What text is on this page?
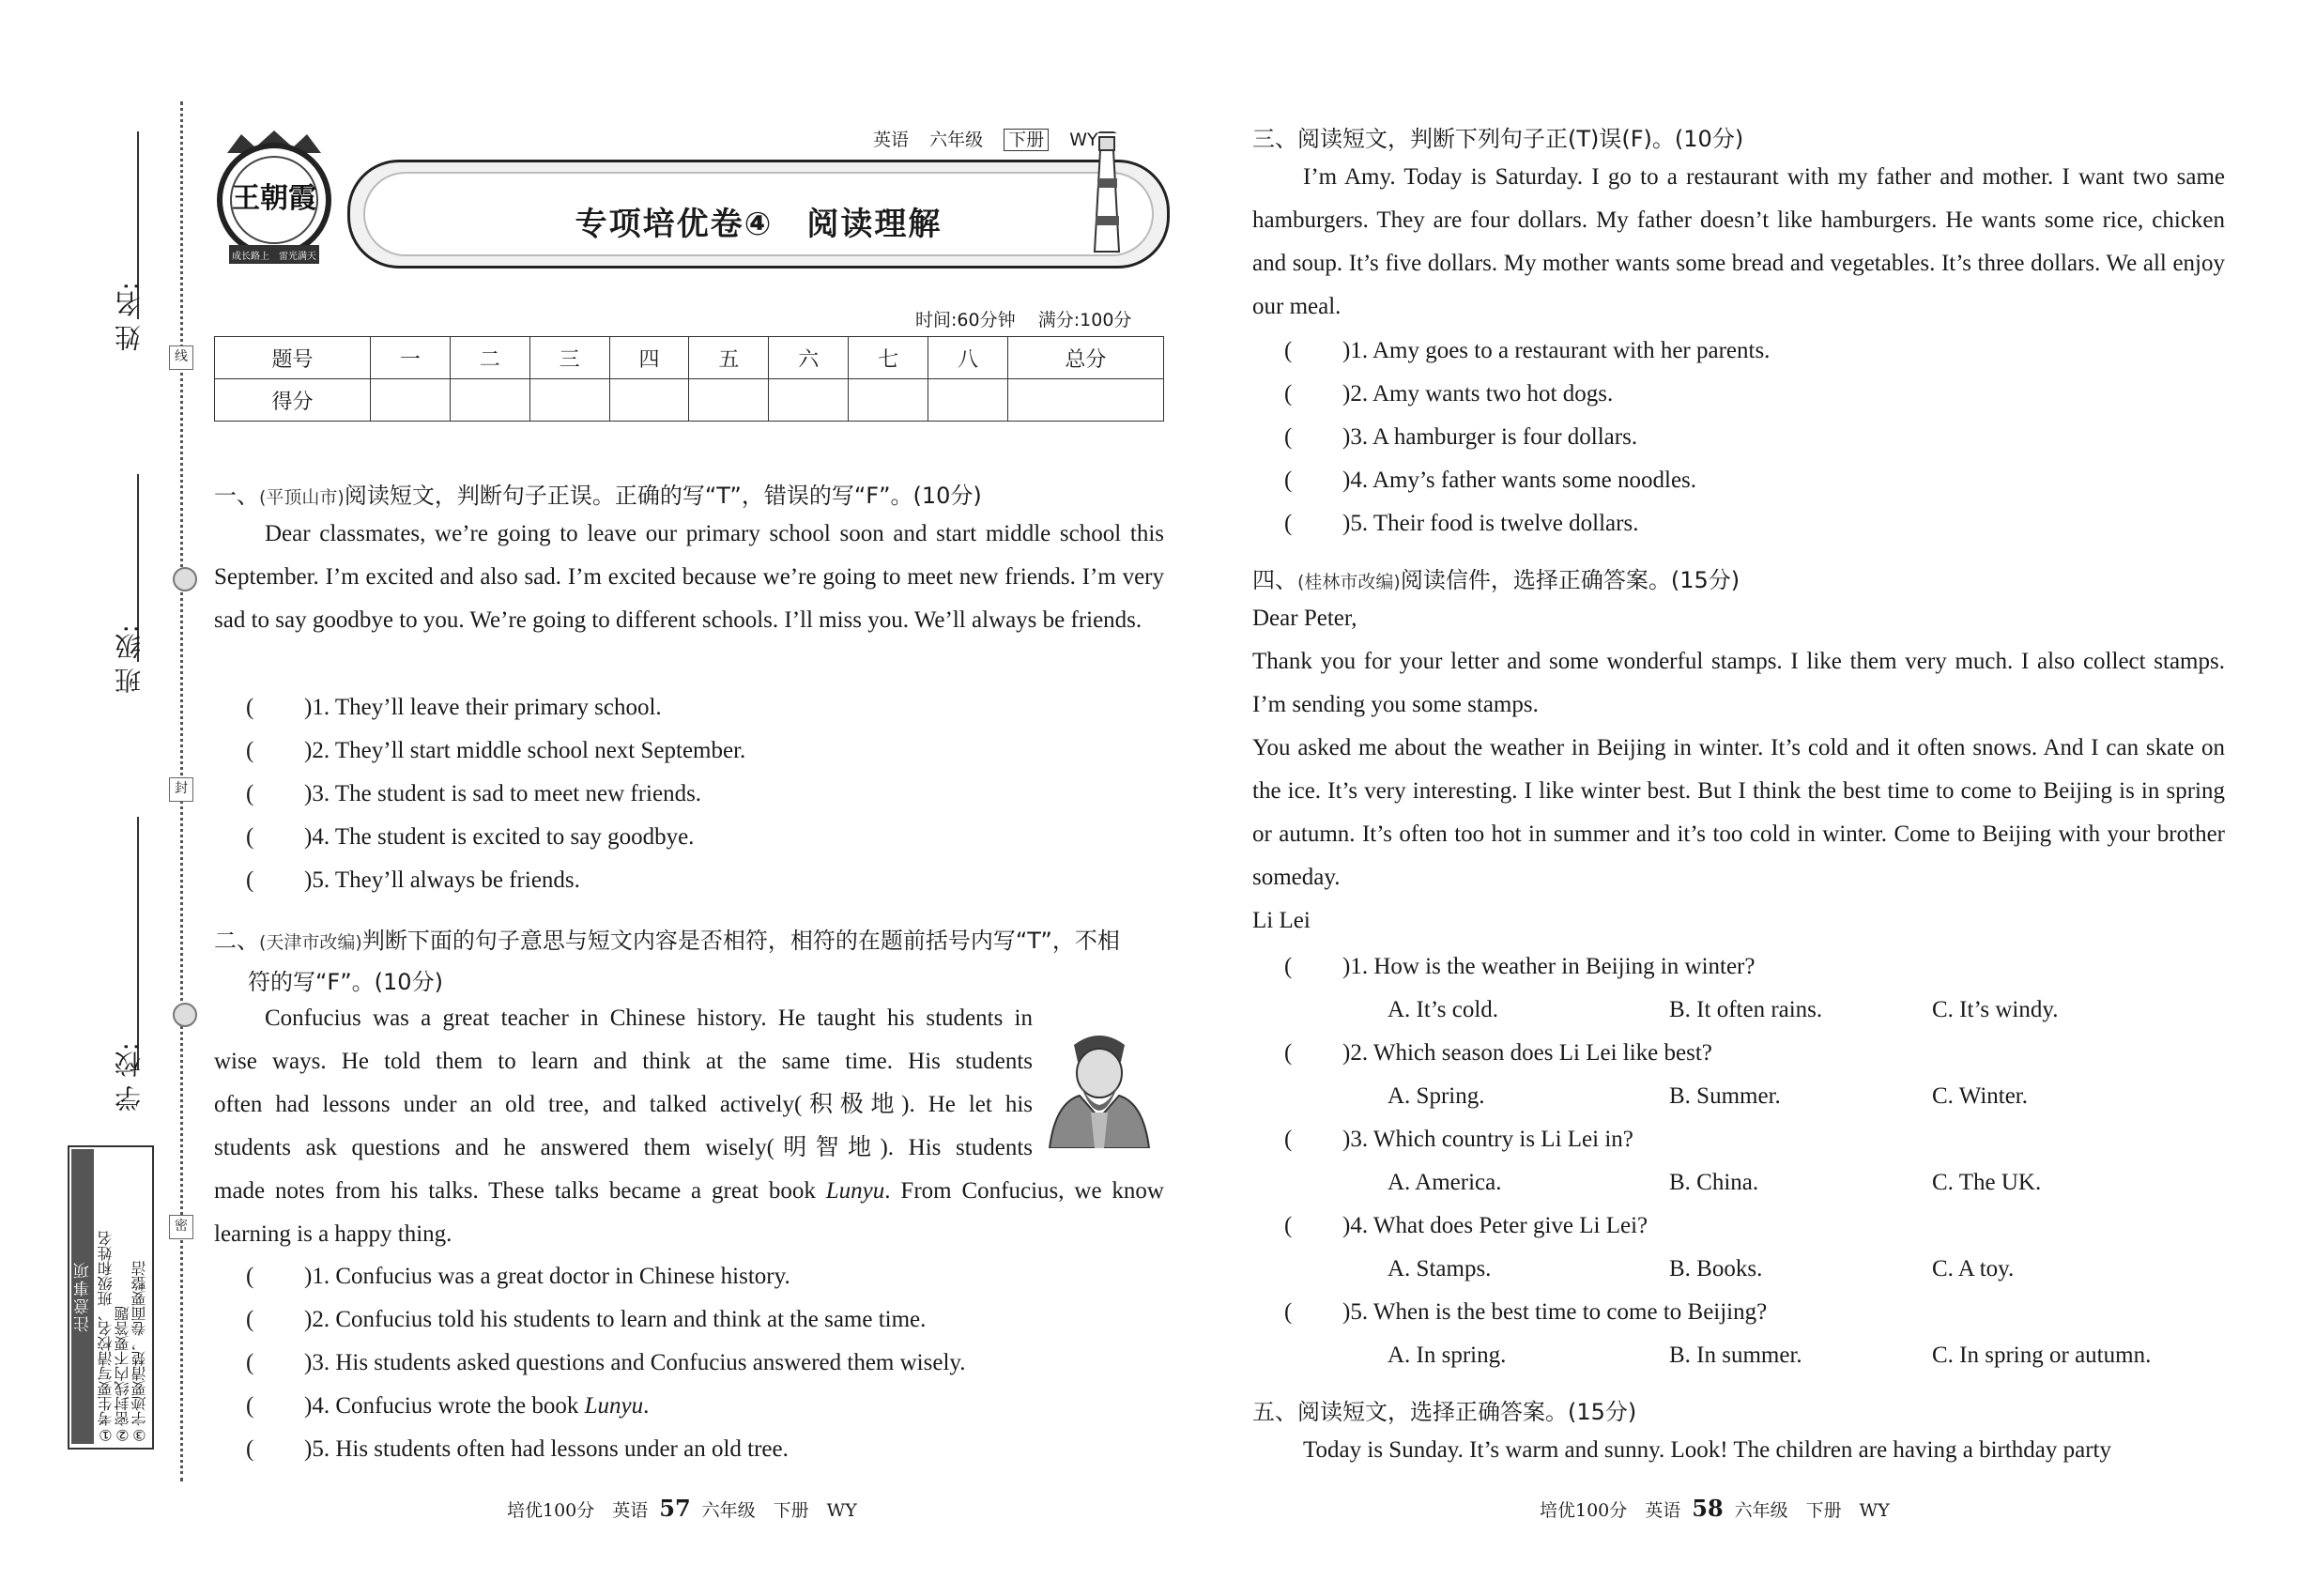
线
封
密
姓 名:
班 级:
学 校:
注意事项 ①考生要写清校名、班级和姓名 ②密封线内不要答题 ③字迹要清楚，卷面要整洁
王朝霞
成长路上　雷光满天
英语 六年级 下册 WY
专项培优卷④　阅读理解
时间:60分钟 满分:100分
题号	一	二	三	四	五	六	七	八	总分
得分									
一、(平顶山市)阅读短文，判断句子正误。正确的写“T”，错误的写“F”。(10分)
Dear classmates, we’re going to leave our primary school soon and start middle school this September. I’m excited and also sad. I’m excited because we’re going to meet new friends. I’m very sad to say goodbye to you. We’re going to different schools. I’ll miss you. We’ll always be friends.
( )1. They’ll leave their primary school.
( )2. They’ll start middle school next September.
( )3. The student is sad to meet new friends.
( )4. The student is excited to say goodbye.
( )5. They’ll always be friends.
二、(天津市改编)判断下面的句子意思与短文内容是否相符，相符的在题前括号内写“T”，不相
符的写“F”。(10分)
Confucius was a great teacher in Chinese history. He taught his students in
wise ways. He told them to learn and think at the same time. His students
often had lessons under an old tree, and talked actively(积极地). He let his
students ask questions and he answered them wisely(明智地). His students
made notes from his talks. These talks became a great book Lunyu. From Confucius, we know learning is a happy thing.
( )1. Confucius was a great doctor in Chinese history.
( )2. Confucius told his students to learn and think at the same time.
( )3. His students asked questions and Confucius answered them wisely.
( )4. Confucius wrote the book Lunyu.
( )5. His students often had lessons under an old tree.
培优100分　英语 57 六年级　下册　WY
三、阅读短文，判断下列句子正(T)误(F)。(10分)
I’m Amy. Today is Saturday. I go to a restaurant with my father and mother. I want two same hamburgers. They are four dollars. My father doesn’t like hamburgers. He wants some rice, chicken and soup. It’s five dollars. My mother wants some bread and vegetables. It’s three dollars. We all enjoy our meal.
( )1. Amy goes to a restaurant with her parents.
( )2. Amy wants two hot dogs.
( )3. A hamburger is four dollars.
( )4. Amy’s father wants some noodles.
( )5. Their food is twelve dollars.
四、(桂林市改编)阅读信件，选择正确答案。(15分)
Dear Peter,
Thank you for your letter and some wonderful stamps. I like them very much. I also collect stamps. I’m sending you some stamps.
You asked me about the weather in Beijing in winter. It’s cold and it often snows. And I can skate on the ice. It’s very interesting. I like winter best. But I think the best time to come to Beijing is in spring or autumn. It’s often too hot in summer and it’s too cold in winter. Come to Beijing with your brother someday.
Li Lei
( )1. How is the weather in Beijing in winter?
A. It’s cold.	B. It often rains.	C. It’s windy.
( )2. Which season does Li Lei like best?
A. Spring.	B. Summer.	C. Winter.
( )3. Which country is Li Lei in?
A. America.	B. China.	C. The UK.
( )4. What does Peter give Li Lei?
A. Stamps.	B. Books.	C. A toy.
( )5. When is the best time to come to Beijing?
A. In spring.	B. In summer.	C. In spring or autumn.
五、阅读短文，选择正确答案。(15分)
Today is Sunday. It’s warm and sunny. Look! The children are having a birthday party
培优100分　英语 58 六年级　下册　WY
